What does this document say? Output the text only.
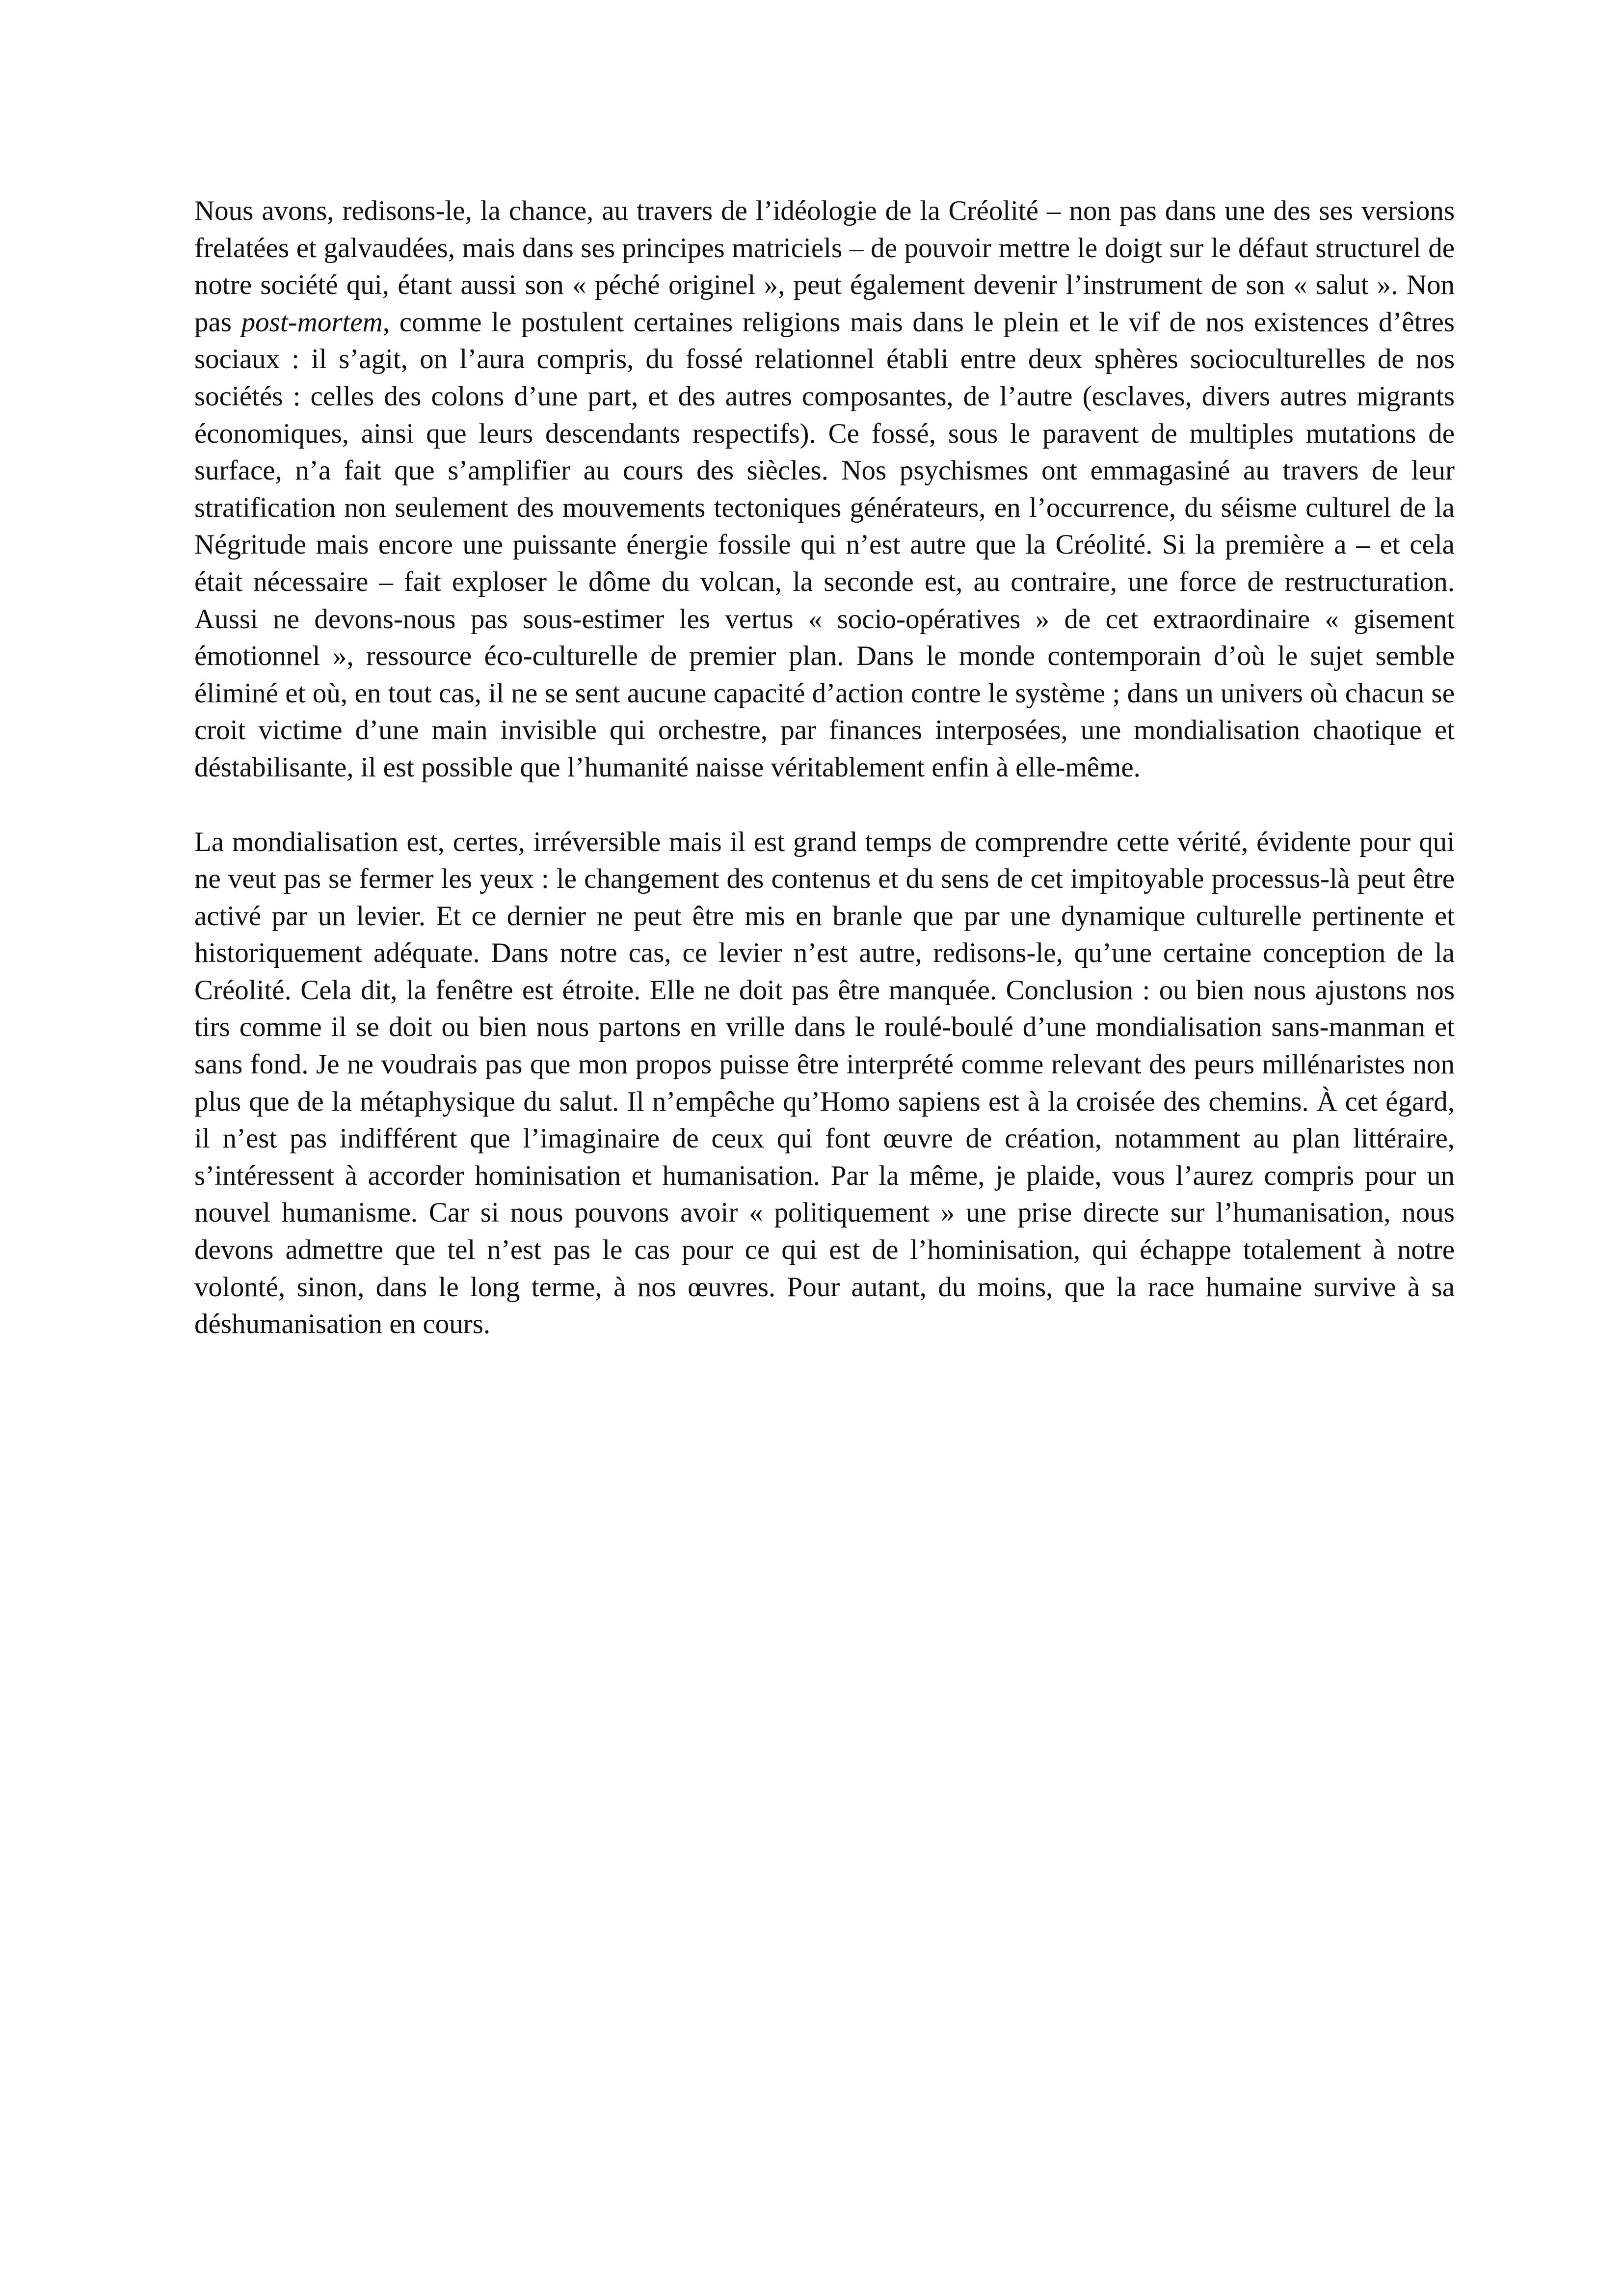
Nous avons, redisons-le, la chance, au travers de l’idéologie de la Créolité – non pas dans une des ses versions frelatées et galvaudées, mais dans ses principes matriciels – de pouvoir mettre le doigt sur le défaut structurel de notre société qui, étant aussi son « péché originel », peut également devenir l’instrument de son « salut ». Non pas post-mortem, comme le postulent certaines religions mais dans le plein et le vif de nos existences d’êtres sociaux : il s’agit, on l’aura compris, du fossé relationnel établi entre deux sphères socioculturelles de nos sociétés : celles des colons d’une part, et des autres composantes, de l’autre (esclaves, divers autres migrants économiques, ainsi que leurs descendants respectifs). Ce fossé, sous le paravent de multiples mutations de surface, n’a fait que s’amplifier au cours des siècles. Nos psychismes ont emmagasiné au travers de leur stratification non seulement des mouvements tectoniques générateurs, en l’occurrence, du séisme culturel de la Négritude mais encore une puissante énergie fossile qui n’est autre que la Créolité. Si la première a – et cela était nécessaire – fait exploser le dôme du volcan, la seconde est, au contraire, une force de restructuration. Aussi ne devons-nous pas sous-estimer les vertus « socio-opératives » de cet extraordinaire « gisement émotionnel », ressource éco-culturelle de premier plan. Dans le monde contemporain d’où le sujet semble éliminé et où, en tout cas, il ne se sent aucune capacité d’action contre le système ; dans un univers où chacun se croit victime d’une main invisible qui orchestre, par finances interposées, une mondialisation chaotique et déstabilisante, il est possible que l’humanité naisse véritablement enfin à elle-même.

La mondialisation est, certes, irréversible mais il est grand temps de comprendre cette vérité, évidente pour qui ne veut pas se fermer les yeux : le changement des contenus et du sens de cet impitoyable processus-là peut être activé par un levier. Et ce dernier ne peut être mis en branle que par une dynamique culturelle pertinente et historiquement adéquate. Dans notre cas, ce levier n’est autre, redisons-le, qu’une certaine conception de la Créolité. Cela dit, la fenêtre est étroite. Elle ne doit pas être manquée. Conclusion : ou bien nous ajustons nos tirs comme il se doit ou bien nous partons en vrille dans le roulé-boulé d’une mondialisation sans-manman et sans fond. Je ne voudrais pas que mon propos puisse être interprété comme relevant des peurs millénaristes non plus que de la métaphysique du salut. Il n’empêche qu’Homo sapiens est à la croisée des chemins. À cet égard, il n’est pas indifférent que l’imaginaire de ceux qui font œuvre de création, notamment au plan littéraire, s’intéressent à accorder hominisation et humanisation. Par la même, je plaide, vous l’aurez compris pour un nouvel humanisme. Car si nous pouvons avoir « politiquement » une prise directe sur l’humanisation, nous devons admettre que tel n’est pas le cas pour ce qui est de l’hominisation, qui échappe totalement à notre volonté, sinon, dans le long terme, à nos œuvres. Pour autant, du moins, que la race humaine survive à sa déshumanisation en cours.
